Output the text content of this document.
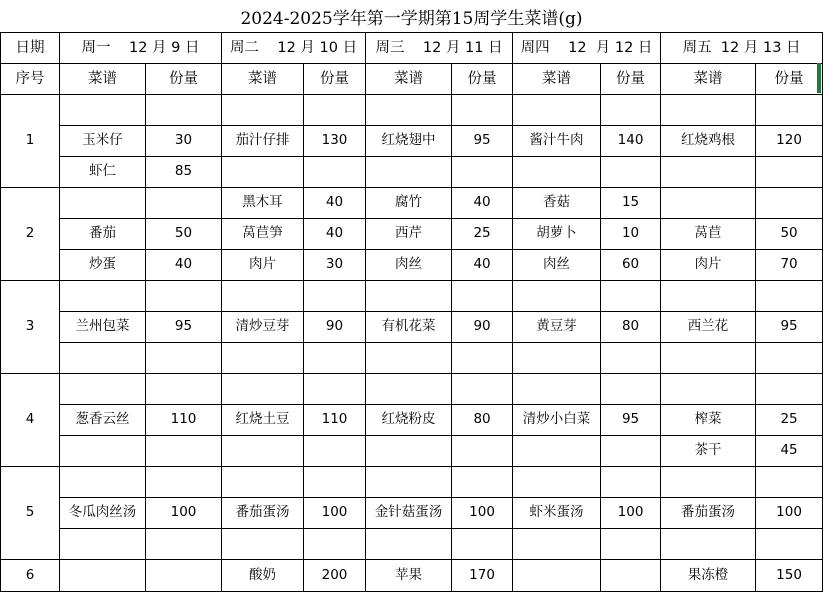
2024-2025学年第一学期第15周学生菜谱(g)
日期	周一    12 月 9 日		周二    12 月 10 日		周三    12 月 11 日		周四    12  月 12 日		周五  12 月 13 日	
序号	菜谱	份量	菜谱	份量	菜谱	份量	菜谱	份量	菜谱	份量
1										
	玉米仔	30	茄汁仔排	130	红烧翅中	95	酱汁牛肉	140	红烧鸡根	120
	虾仁	85								
2			黑木耳	40	腐竹	40	香菇	15		
	番茄	50	莴苣笋	40	西芹	25	胡萝卜	10	莴苣	50
	炒蛋	40	肉片	30	肉丝	40	肉丝	60	肉片	70
3										
	兰州包菜	95	清炒豆芽	90	有机花菜	90	黄豆芽	80	西兰花	95

4										
	葱香云丝	110	红烧土豆	110	红烧粉皮	80	清炒小白菜	95	榨菜	25
									茶干	45
5										
	冬瓜肉丝汤	100	番茄蛋汤	100	金针菇蛋汤	100	虾米蛋汤	100	番茄蛋汤	100

6			酸奶	200	苹果	170			果冻橙	150
